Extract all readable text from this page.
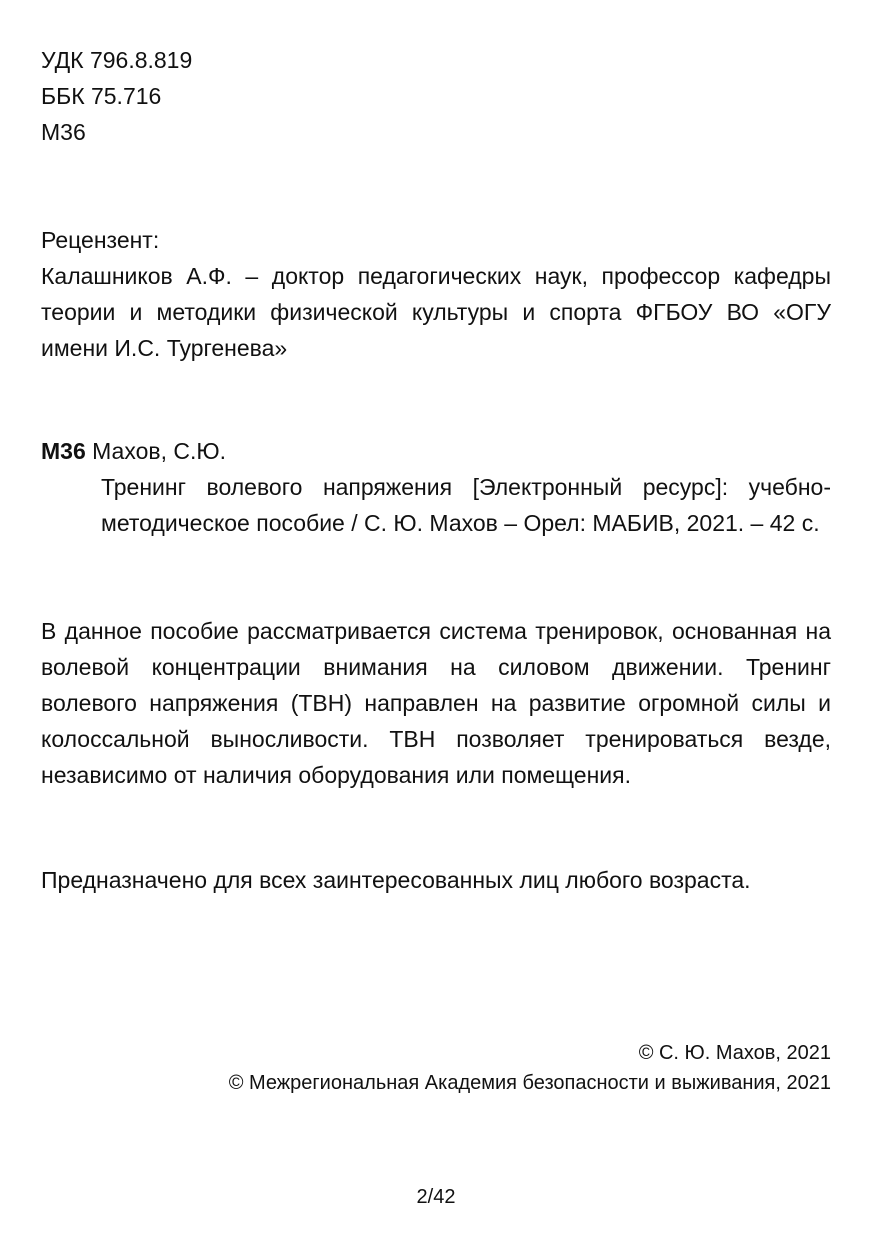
УДК 796.8.819
ББК 75.716
М36
Рецензент:
Калашников А.Ф. – доктор педагогических наук, профессор кафедры теории и методики физической культуры и спорта ФГБОУ ВО «ОГУ имени И.С. Тургенева»
М36 Махов, С.Ю.
Тренинг волевого напряжения [Электронный ресурс]: учебно-методическое пособие / С. Ю. Махов – Орел: МАБИВ, 2021. – 42 с.
В данное пособие рассматривается система тренировок, основанная на волевой концентрации внимания на силовом движении. Тренинг волевого напряжения (ТВН) направлен на развитие огромной силы и колоссальной выносливости. ТВН позволяет тренироваться везде, независимо от наличия оборудования или помещения.
Предназначено для всех заинтересованных лиц любого возраста.
© С. Ю. Махов, 2021
© Межрегиональная Академия безопасности и выживания, 2021
2/42
